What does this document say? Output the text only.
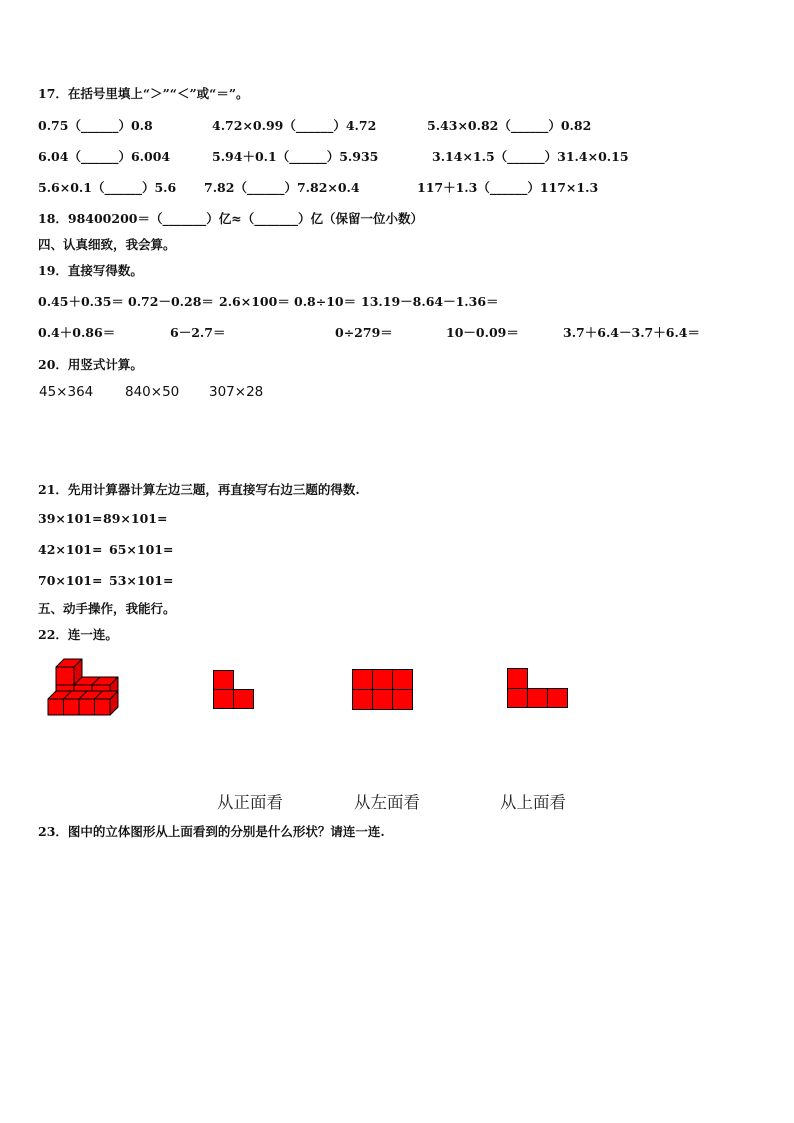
17．在括号里填上“＞”“＜”或“＝”。
0.75（______）0.8	4.72×0.99（______）4.72	5.43×0.82（______）0.82
6.04（______）6.004	5.94＋0.1（______）5.935	3.14×1.5（______）31.4×0.15
5.6×0.1（______）5.6 7.82（______）7.82×0.4	117＋1.3（______）117×1.3
18．98400200＝（_______）亿≈（_______）亿（保留一位小数）
四、认真细致，我会算。
19．直接写得数。
0.45＋0.35＝ 0.72－0.28＝ 2.6×100＝ 0.8÷10＝ 13.19－8.64－1.36＝
0.4＋0.86＝	6－2.7＝	0÷279＝	10－0.09＝	3.7＋6.4－3.7＋6.4＝
20．用竖式计算。
45×364 840×50 307×28
21．先用计算器计算左边三题，再直接写右边三题的得数.
39×101= 89×101=
42×101= 65×101=
70×101= 53×101=
五、动手操作，我能行。
22．连一连。
从正面看	从左面看	从上面看
23．图中的立体图形从上面看到的分别是什么形状？请连一连.
